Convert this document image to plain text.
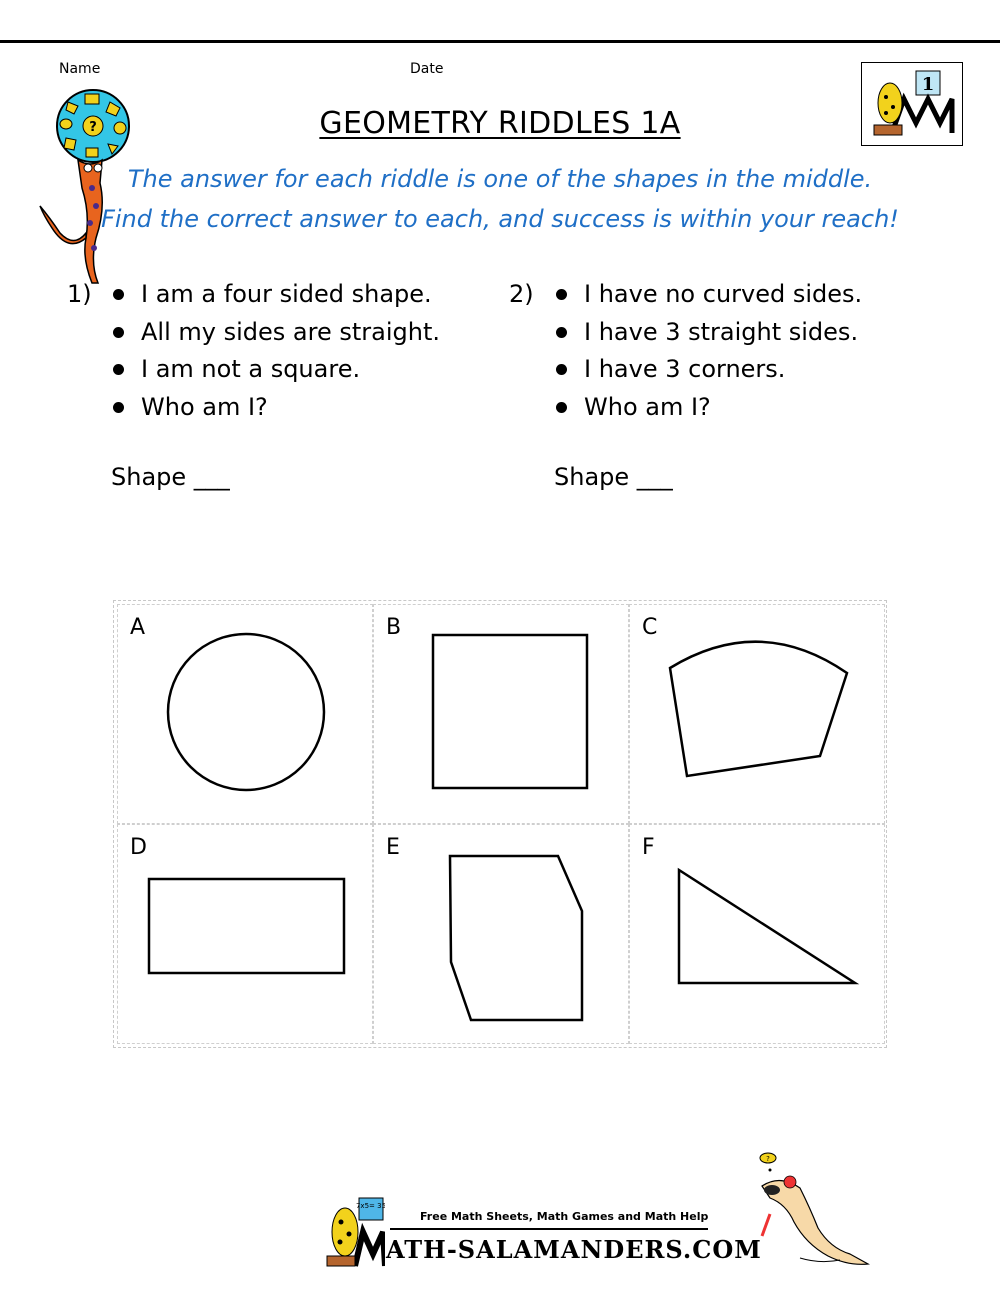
Name	Date
?	GEOMETRY RIDDLES 1A
1
The answer for each riddle is one of the shapes in the middle.
Find the correct answer to each, and success is within your reach!
1)	I am a four sided shape.
All my sides are straight.
I am not a square.
Who am I?
Shape ___
2)	I have no curved sides.
I have 3 straight sides.
I have 3 corners.
Who am I?
Shape ___
A	B	C
D	E	F
7x5= 35
Free Math Sheets, Math Games and Math Help
ATH-SALAMANDERS.COM
?
